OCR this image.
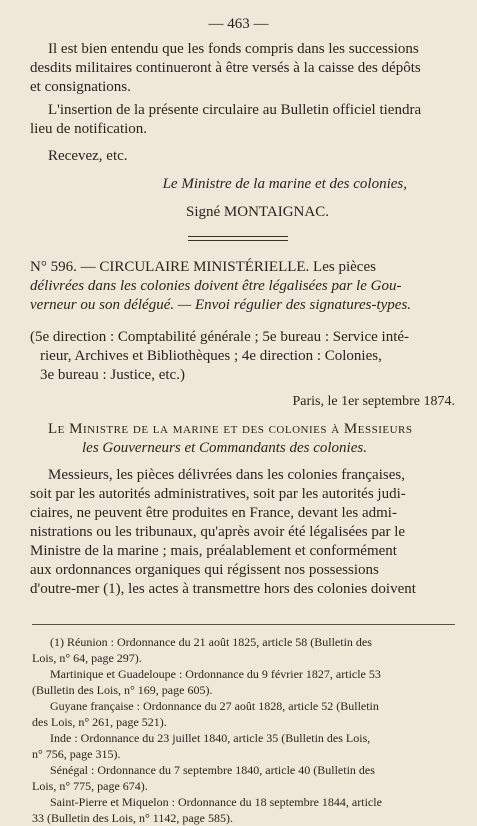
— 463 —
Il est bien entendu que les fonds compris dans les successions
desdits militaires continueront à être versés à la caisse des dépôts
et consignations.
L'insertion de la présente circulaire au Bulletin officiel tiendra
lieu de notification.
Recevez, etc.
Le Ministre de la marine et des colonies,
Signé MONTAIGNAC.
N° 596. — CIRCULAIRE MINISTÉRIELLE. Les pièces
délivrées dans les colonies doivent être légalisées par le Gou-
verneur ou son délégué. — Envoi régulier des signatures-types.
(5e direction : Comptabilité générale ; 5e bureau : Service inté-
rieur, Archives et Bibliothèques ; 4e direction : Colonies,
3e bureau : Justice, etc.)
Paris, le 1er septembre 1874.
Le Ministre de la marine et des colonies à Messieurs
les Gouverneurs et Commandants des colonies.
Messieurs, les pièces délivrées dans les colonies françaises,
soit par les autorités administratives, soit par les autorités judi-
ciaires, ne peuvent être produites en France, devant les admi-
nistrations ou les tribunaux, qu'après avoir été légalisées par le
Ministre de la marine ; mais, préalablement et conformément
aux ordonnances organiques qui régissent nos possessions
d'outre-mer (1), les actes à transmettre hors des colonies doivent
(1) Réunion : Ordonnance du 21 août 1825, article 58 (Bulletin des
Lois, n° 64, page 297).
Martinique et Guadeloupe : Ordonnance du 9 février 1827, article 53
(Bulletin des Lois, n° 169, page 605).
Guyane française : Ordonnance du 27 août 1828, article 52 (Bulletin
des Lois, n° 261, page 521).
Inde : Ordonnance du 23 juillet 1840, article 35 (Bulletin des Lois,
n° 756, page 315).
Sénégal : Ordonnance du 7 septembre 1840, article 40 (Bulletin des
Lois, n° 775, page 674).
Saint-Pierre et Miquelon : Ordonnance du 18 septembre 1844, article
33 (Bulletin des Lois, n° 1142, page 585).
